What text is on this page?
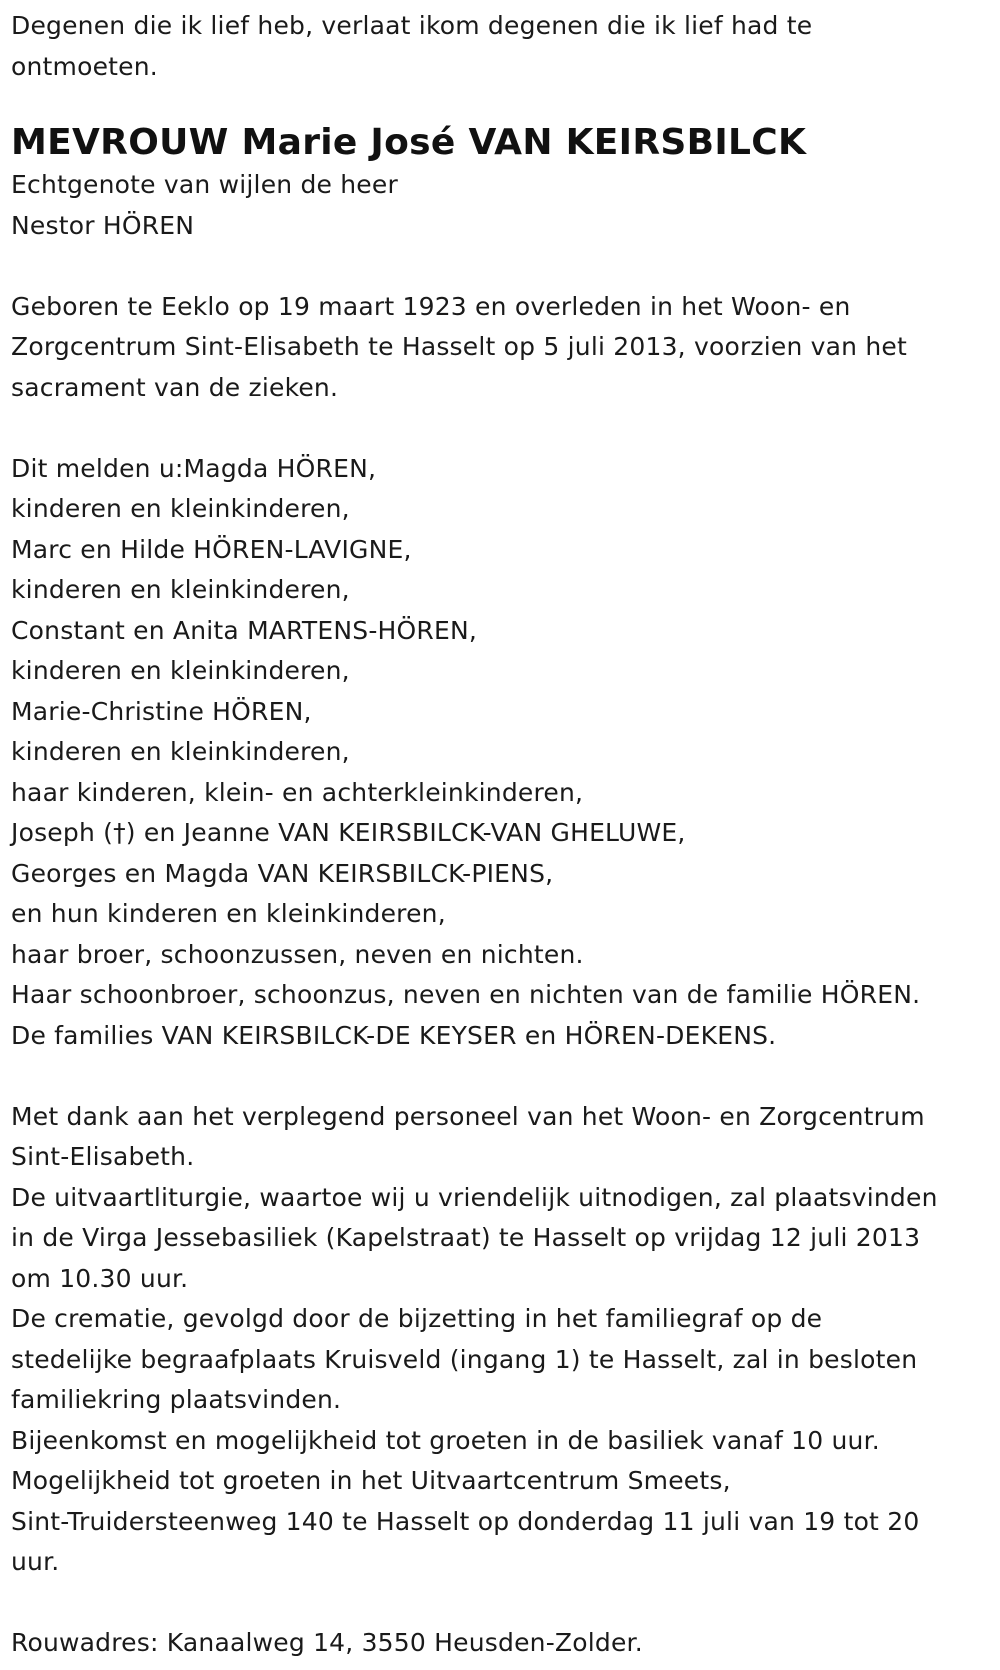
Degenen die ik lief heb, verlaat ikom degenen die ik lief had te
ontmoeten.
MEVROUW Marie José VAN KEIRSBILCK
Echtgenote van wijlen de heer
Nestor HÖREN
Geboren te Eeklo op 19 maart 1923 en overleden in het Woon- en
Zorgcentrum Sint-Elisabeth te Hasselt op 5 juli 2013, voorzien van het
sacrament van de zieken.
Dit melden u:Magda HÖREN,
kinderen en kleinkinderen,
Marc en Hilde HÖREN-LAVIGNE,
kinderen en kleinkinderen,
Constant en Anita MARTENS-HÖREN,
kinderen en kleinkinderen,
Marie-Christine HÖREN,
kinderen en kleinkinderen,
haar kinderen, klein- en achterkleinkinderen,
Joseph (†) en Jeanne VAN KEIRSBILCK-VAN GHELUWE,
Georges en Magda VAN KEIRSBILCK-PIENS,
en hun kinderen en kleinkinderen,
haar broer, schoonzussen, neven en nichten.
Haar schoonbroer, schoonzus, neven en nichten van de familie HÖREN.
De families VAN KEIRSBILCK-DE KEYSER en HÖREN-DEKENS.
Met dank aan het verplegend personeel van het Woon- en Zorgcentrum
Sint-Elisabeth.
De uitvaartliturgie, waartoe wij u vriendelijk uitnodigen, zal plaatsvinden
in de Virga Jessebasiliek (Kapelstraat) te Hasselt op vrijdag 12 juli 2013
om 10.30 uur.
De crematie, gevolgd door de bijzetting in het familiegraf op de
stedelijke begraafplaats Kruisveld (ingang 1) te Hasselt, zal in besloten
familiekring plaatsvinden.
Bijeenkomst en mogelijkheid tot groeten in de basiliek vanaf 10 uur.
Mogelijkheid tot groeten in het Uitvaartcentrum Smeets,
Sint-Truidersteenweg 140 te Hasselt op donderdag 11 juli van 19 tot 20
uur.
Rouwadres: Kanaalweg 14, 3550 Heusden-Zolder.
